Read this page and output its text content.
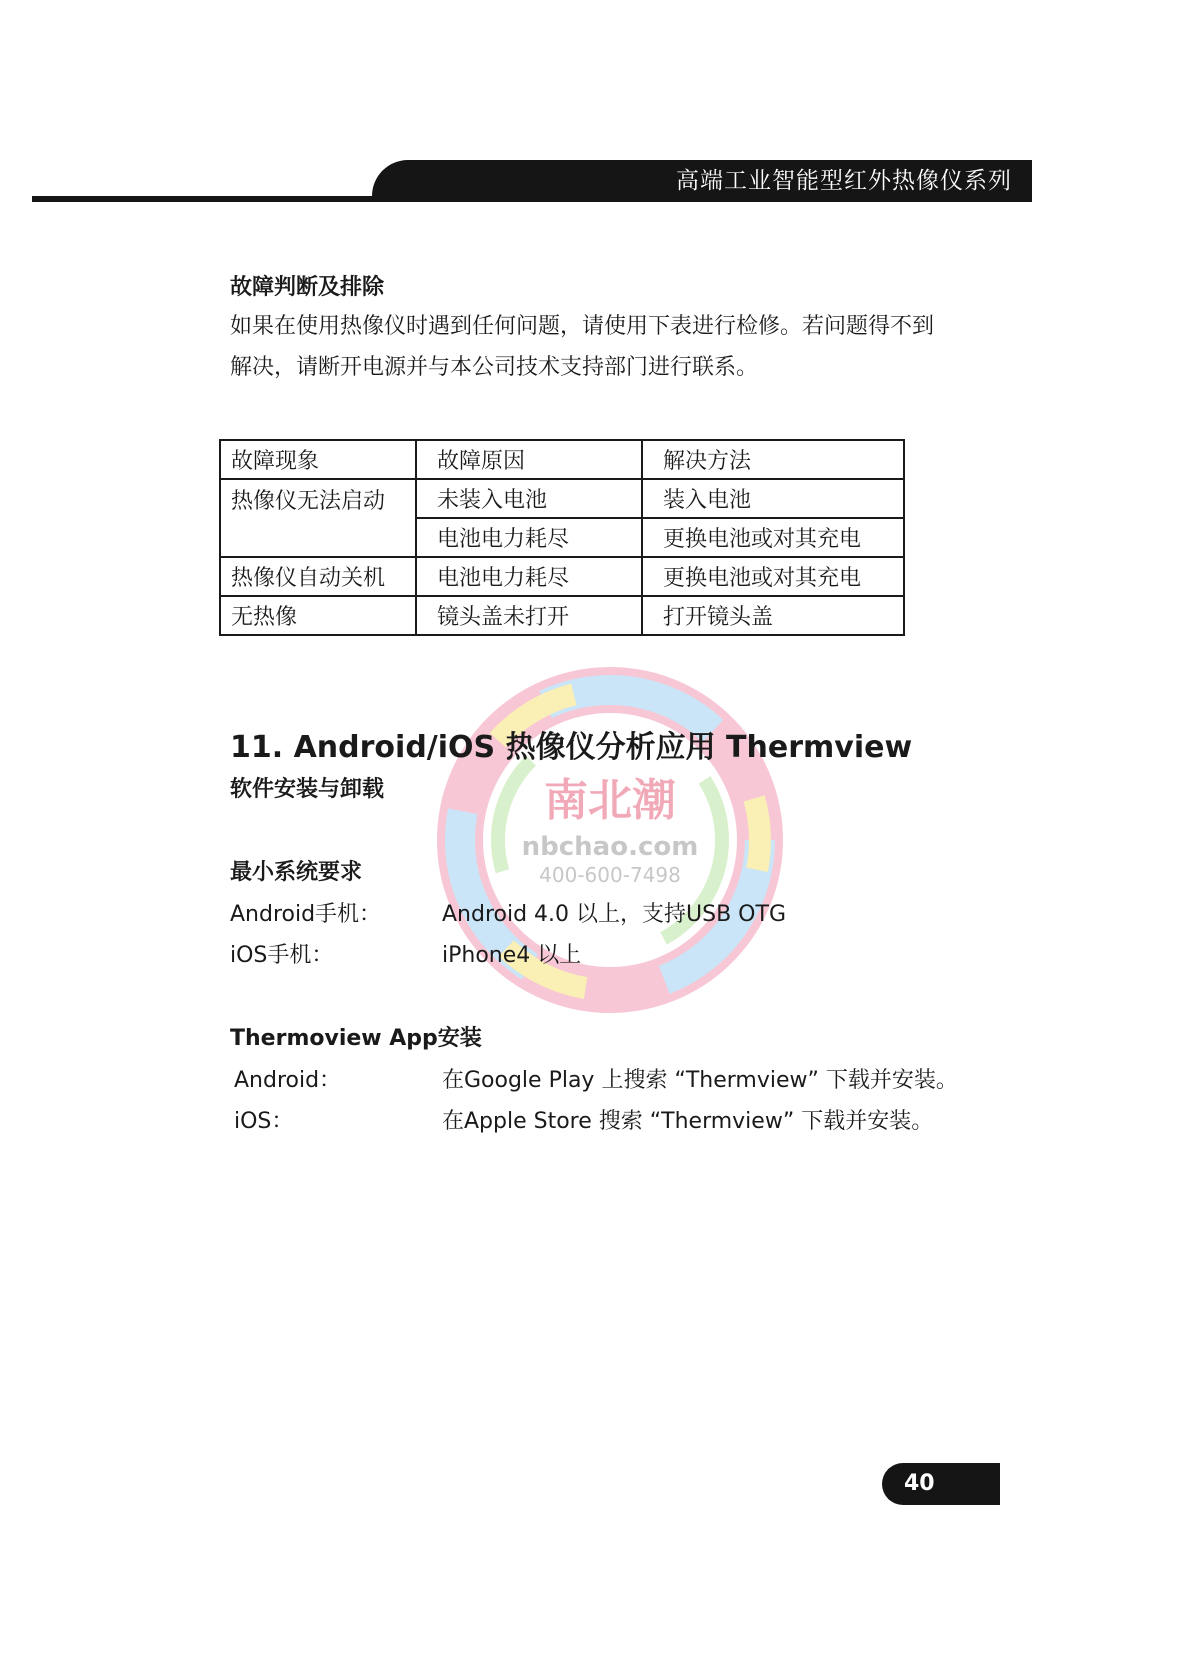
高端工业智能型红外热像仪系列
故障判断及排除
如果在使用热像仪时遇到任何问题，请使用下表进行检修。若问题得不到
解决，请断开电源并与本公司技术支持部门进行联系。
故障现象	故障原因	解决方法
热像仪无法启动	未装入电池	装入电池
	电池电力耗尽	更换电池或对其充电
热像仪自动关机	电池电力耗尽	更换电池或对其充电
无热像	镜头盖未打开	打开镜头盖
南北潮
nbchao.com
400-600-7498
11. Android/iOS 热像仪分析应用 Thermview
软件安装与卸载
最小系统要求
Android手机：	Android 4.0 以上，支持USB OTG
iOS手机：	iPhone4 以上
Thermoview App安装
Android：	在Google Play 上搜索 “Thermview” 下载并安装。
iOS：	在Apple Store 搜索 “Thermview” 下载并安装。
40
